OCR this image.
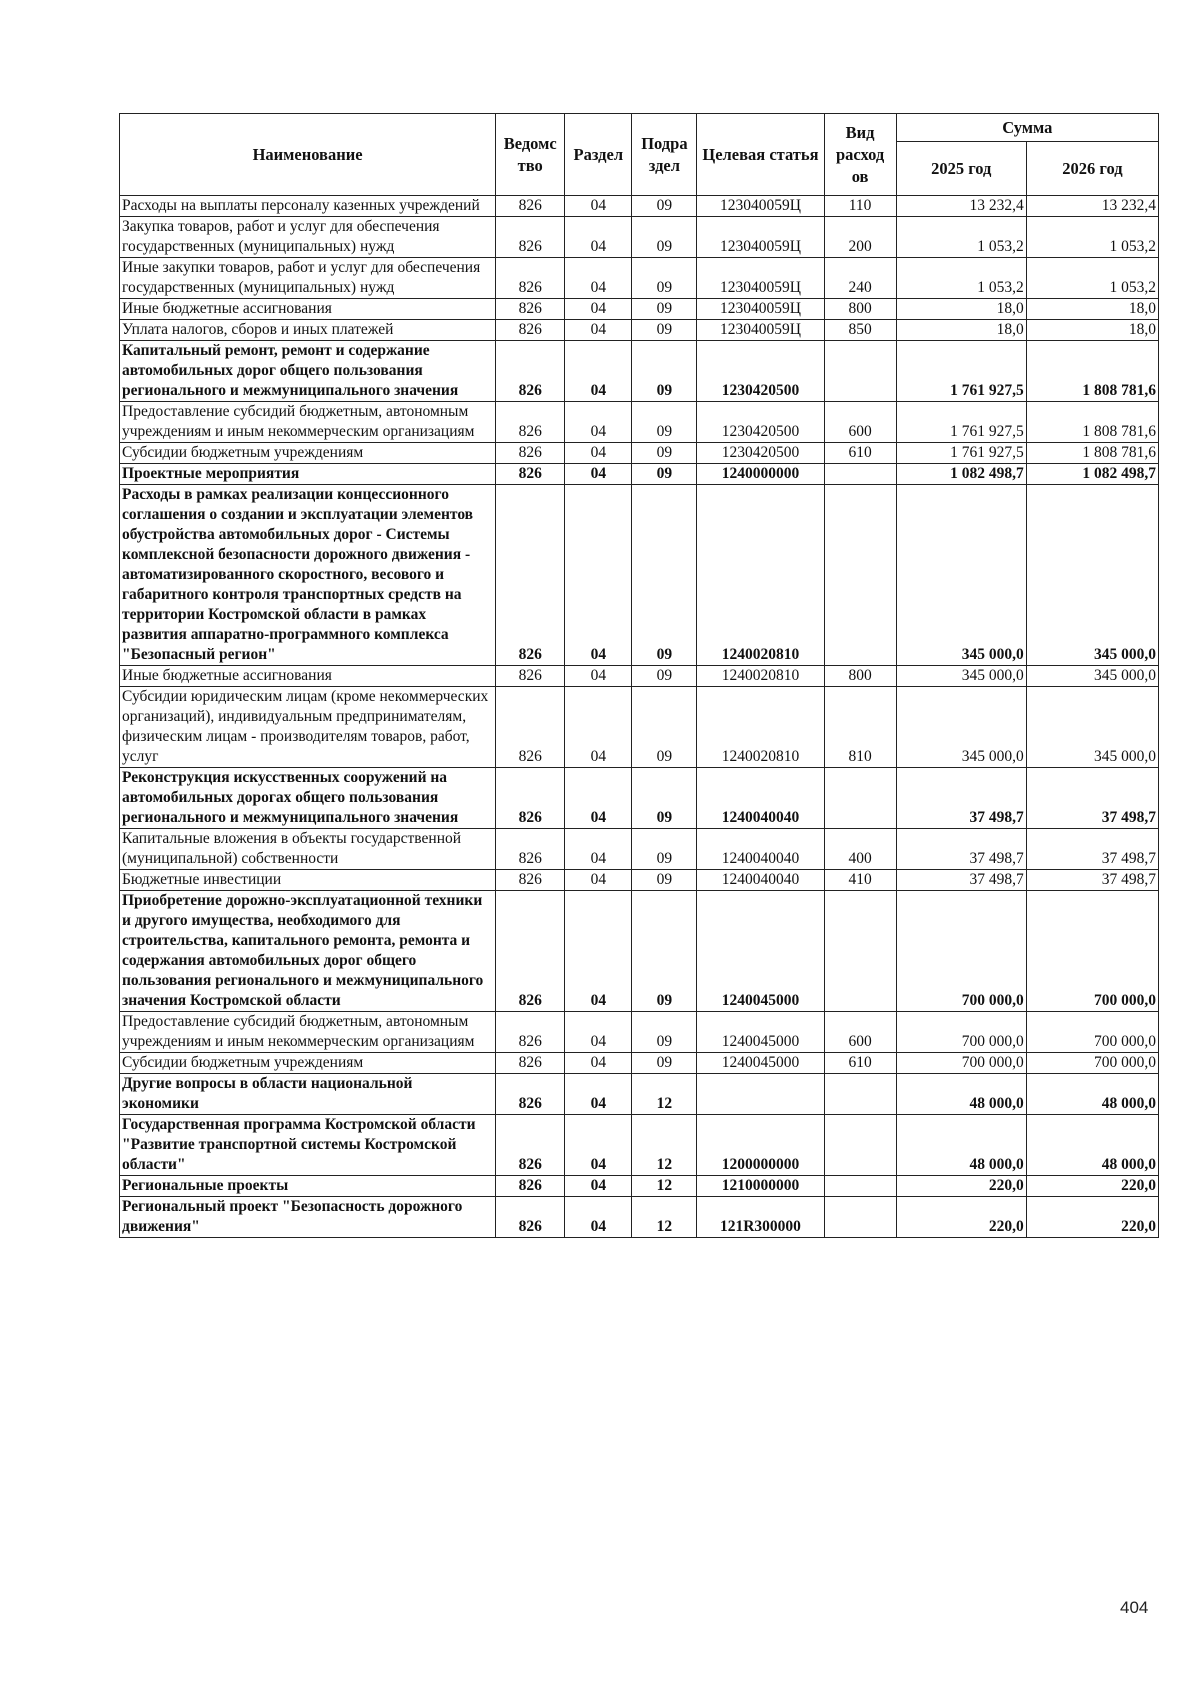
Наименование	Ведомс тво	Раздел	Подра здел	Целевая статья	Вид расход ов	Сумма	
						2025 год	2026 год
Расходы на выплаты персоналу казенных учреждений	826	04	09	123040059Ц	110	13 232,4	13 232,4
Закупка товаров, работ и услуг для обеспечения государственных (муниципальных) нужд	826	04	09	123040059Ц	200	1 053,2	1 053,2
Иные закупки товаров, работ и услуг для обеспечения государственных (муниципальных) нужд	826	04	09	123040059Ц	240	1 053,2	1 053,2
Иные бюджетные ассигнования	826	04	09	123040059Ц	800	18,0	18,0
Уплата налогов, сборов и иных платежей	826	04	09	123040059Ц	850	18,0	18,0
Капитальный ремонт, ремонт и содержание автомобильных дорог общего пользования регионального и межмуниципального значения	826	04	09	1230420500		1 761 927,5	1 808 781,6
Предоставление субсидий бюджетным, автономным учреждениям и иным некоммерческим организациям	826	04	09	1230420500	600	1 761 927,5	1 808 781,6
Субсидии бюджетным учреждениям	826	04	09	1230420500	610	1 761 927,5	1 808 781,6
Проектные мероприятия	826	04	09	1240000000		1 082 498,7	1 082 498,7
Расходы в рамках реализации концессионного соглашения о создании и эксплуатации элементов обустройства автомобильных дорог - Системы комплексной безопасности дорожного движения - автоматизированного скоростного, весового и габаритного контроля транспортных средств на территории Костромской области в рамках развития аппаратно-программного комплекса "Безопасный регион"	826	04	09	1240020810		345 000,0	345 000,0
Иные бюджетные ассигнования	826	04	09	1240020810	800	345 000,0	345 000,0
Субсидии юридическим лицам (кроме некоммерческих организаций), индивидуальным предпринимателям, физическим лицам - производителям товаров, работ, услуг	826	04	09	1240020810	810	345 000,0	345 000,0
Реконструкция искусственных сооружений на автомобильных дорогах общего пользования регионального и межмуниципального значения	826	04	09	1240040040		37 498,7	37 498,7
Капитальные вложения в объекты государственной (муниципальной) собственности	826	04	09	1240040040	400	37 498,7	37 498,7
Бюджетные инвестиции	826	04	09	1240040040	410	37 498,7	37 498,7
Приобретение дорожно-эксплуатационной техники и другого имущества, необходимого для строительства, капитального ремонта, ремонта и содержания автомобильных дорог общего пользования регионального и межмуниципального значения Костромской области	826	04	09	1240045000		700 000,0	700 000,0
Предоставление субсидий бюджетным, автономным учреждениям и иным некоммерческим организациям	826	04	09	1240045000	600	700 000,0	700 000,0
Субсидии бюджетным учреждениям	826	04	09	1240045000	610	700 000,0	700 000,0
Другие вопросы в области национальной экономики	826	04	12			48 000,0	48 000,0
Государственная программа Костромской области "Развитие транспортной системы Костромской области"	826	04	12	1200000000		48 000,0	48 000,0
Региональные проекты	826	04	12	1210000000		220,0	220,0
Региональный проект "Безопасность дорожного движения"	826	04	12	121R300000		220,0	220,0
404
